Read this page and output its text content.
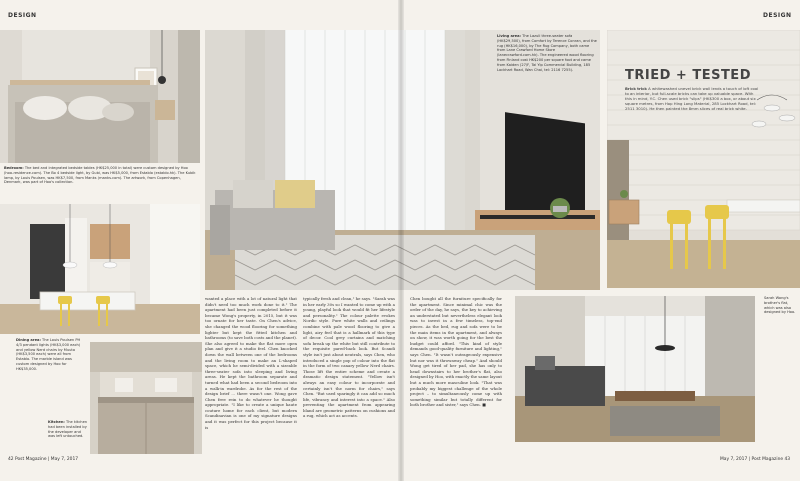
DESIGN	DESIGN
Bedroom: The bed and integrated bedside tables (HK$25,000 in total) were custom designed by Hoo (hoo-residence.com). The Bo 4 bedside light, by Gubi, was HK$5,000, from Establo (establo.hk). The Kubik lamp, by Louis Poulsen, was HK$7,500, from Manks (manks.com). The artwork, from Copenhagen, Denmark, was part of Hoo's collection.
Dining area: The Louis Poulsen PH 4/3 pendant lights (HK$3,000 each) and yellow Nerd chairs by Muuto (HK$3,500 each) were all from Establo. The marble island was custom designed by Hoo for HK$35,000.
Kitchen: The kitchen had been installed by the developer and was left untouched.
Living area: The Lazuli three-seater sofa (HK$29,500), from Comfort by Terence Conran, and the rug (HK$16,000), by The Rug Company, both came from Lane Crawford Home Store (lanecrawford.com.hk). The engineered wood flooring from Finland cost HK$200 per square foot and came from Kaiden (27/F, Tai Yip Commercial Building, 185 Lockhart Road, Wan Chai, tel: 2116 7255).
wanted a place with a lot of natural light that didn't need too much work done to it." The apartment had been just completed before it became Wong's property, in 2015, but it was too ornate for her taste. On Chen's advice, she changed the wood flooring for something lighter but kept the fitted kitchen and bathrooms (to save both costs and the planet). She also agreed to make the flat more open plan and give it a studio feel. Chen knocked down the wall between one of the bedrooms and the living room to make an L-shaped space, which he semi-divided with a sizeable three-seater sofa into sleeping and living areas. He kept the bathroom separate and turned what had been a second bedroom into a walk-in wardrobe. As for the rest of the design brief ... there wasn't one. Wong gave Chen free rein to do whatever he thought appropriate. "I like to create a unique haute couture home for each client, but modern Scandinavian is one of my signature designs and it was perfect for this project because it is
typically fresh and clean," he says. "Sarah was in her early 30s so I wanted to come up with a young, playful look that would fit her lifestyle and personality." The colour palette evokes Nordic style. Pure white walls and ceilings combine with pale wood flooring to give a light, airy feel that is a hallmark of this type of decor. Cool grey curtains and matching sofa break up the white but still contribute to the requisite pared-back look. But Scandi style isn't just about neutrals, says Chen, who introduced a single pop of colour into the flat in the form of two canary yellow Nerd chairs. Those lift the entire scheme and create a dramatic design statement. "Yellow isn't always an easy colour to incorporate and certainly isn't the norm for chairs," says Chen. "But used sparingly it can add so much life, vibrancy and interest into a space." Also preventing the apartment from appearing bland are geometric patterns on cushions and a rug, which act as accents.
Chen bought all the furniture specifically for the apartment. Since minimal chic was the order of the day, he says, the key to achieving an understated but nevertheless elegant look was to invest in a few timeless, top-end pieces. As the bed, rug and sofa were to be the main items in the apartment, and always on show, it was worth going for the best the budget could afford. "This kind of style demands good-quality furniture and lighting," says Chen. "It wasn't outrageously expensive but nor was it throwaway cheap." And should Wong get tired of her pad, she has only to head downstairs to her brother's flat, also designed by Hoo, with exactly the same layout but a much more masculine look. "That was probably my biggest challenge of the whole project – to simultaneously come up with something similar but totally different for both brother and sister," says Chen. ■
Sarah Wong's brother's flat, which was also designed by Hoo.
TRIED + TESTED
Brick trick A whitewashed unevel brick wall lends a touch of loft cool to an interior, but full-scale bricks can take up valuable space. With this in mind, Y.C. Chen used brick "slips" (HK$300 a box, or about six square metres, from Hop Hing Long Material, 285 Lockhart Road, tel: 2511 3010). He then painted the 8mm slices of real brick white.
42 Post Magazine | May 7, 2017	May 7, 2017 | Post Magazine 43
